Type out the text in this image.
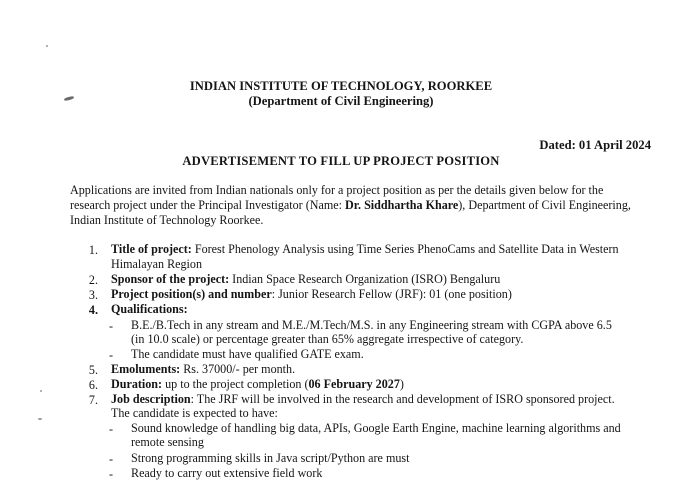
INDIAN INSTITUTE OF TECHNOLOGY, ROORKEE
(Department of Civil Engineering)
Dated: 01 April 2024
ADVERTISEMENT TO FILL UP PROJECT POSITION
Applications are invited from Indian nationals only for a project position as per the details given below for the
research project under the Principal Investigator (Name: Dr. Siddhartha Khare), Department of Civil Engineering,
Indian Institute of Technology Roorkee.
1. Title of project: Forest Phenology Analysis using Time Series PhenoCams and Satellite Data in Western
Himalayan Region
2. Sponsor of the project: Indian Space Research Organization (ISRO) Bengaluru
3. Project position(s) and number: Junior Research Fellow (JRF): 01 (one position)
4. Qualifications:
- B.E./B.Tech in any stream and M.E./M.Tech/M.S. in any Engineering stream with CGPA above 6.5
(in 10.0 scale) or percentage greater than 65% aggregate irrespective of category.
- The candidate must have qualified GATE exam.
5. Emoluments: Rs. 37000/- per month.
6. Duration: up to the project completion (06 February 2027)
7. Job description: The JRF will be involved in the research and development of ISRO sponsored project.
The candidate is expected to have:
- Sound knowledge of handling big data, APIs, Google Earth Engine, machine learning algorithms and
remote sensing
- Strong programming skills in Java script/Python are must
- Ready to carry out extensive field work
